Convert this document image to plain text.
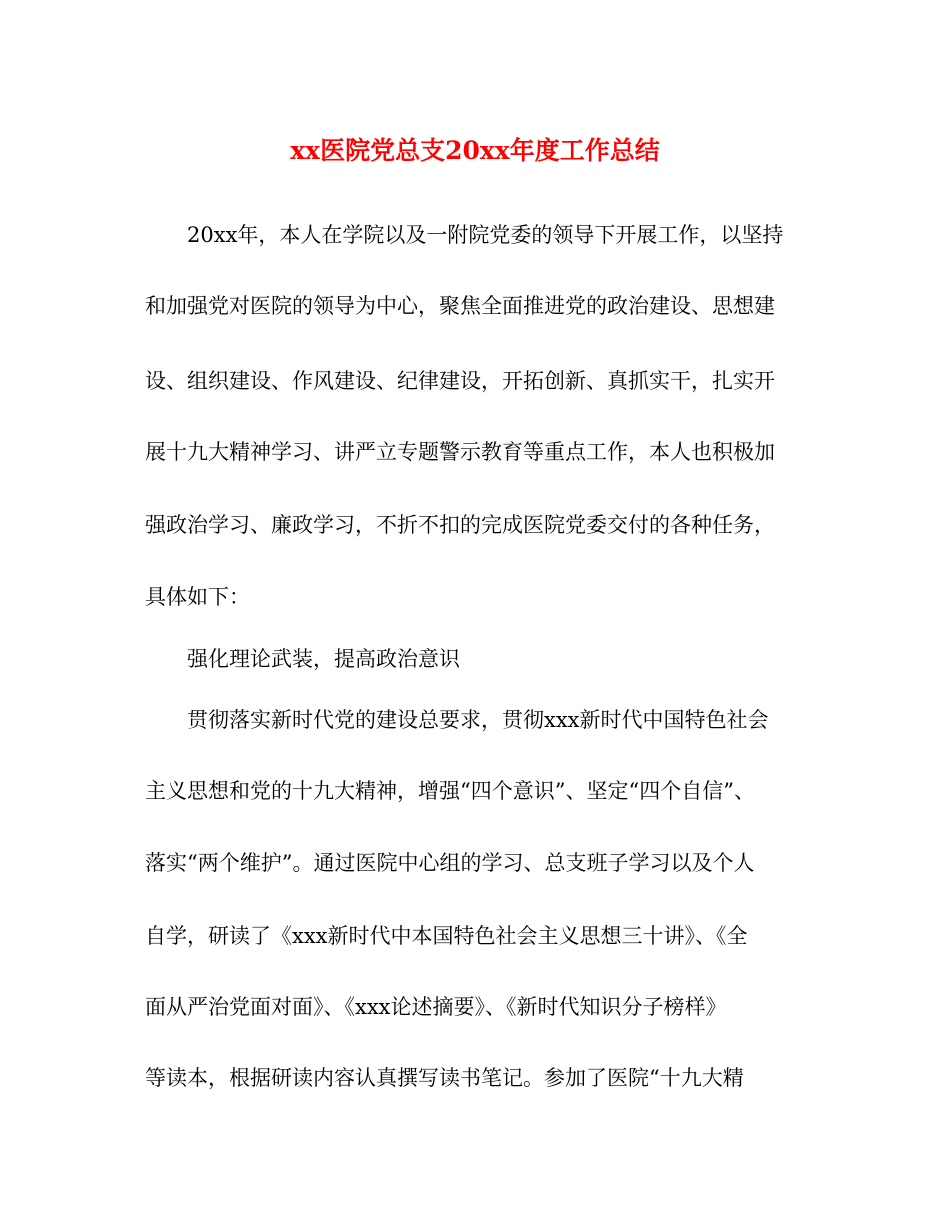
xx医院党总支20xx年度工作总结
20xx年，本人在学院以及一附院党委的领导下开展工作，以坚持
和加强党对医院的领导为中心，聚焦全面推进党的政治建设、思想建
设、组织建设、作风建设、纪律建设，开拓创新、真抓实干，扎实开
展十九大精神学习、讲严立专题警示教育等重点工作，本人也积极加
强政治学习、廉政学习，不折不扣的完成医院党委交付的各种任务，
具体如下：
强化理论武装，提高政治意识
贯彻落实新时代党的建设总要求，贯彻xxx新时代中国特色社会
主义思想和党的十九大精神，增强“四个意识”、坚定“四个自信”、
落实“两个维护”。通过医院中心组的学习、总支班子学习以及个人
自学，研读了《xxx新时代中本国特色社会主义思想三十讲》、《全
面从严治党面对面》、《xxx论述摘要》、《新时代知识分子榜样》
等读本，根据研读内容认真撰写读书笔记。参加了医院“十九大精
